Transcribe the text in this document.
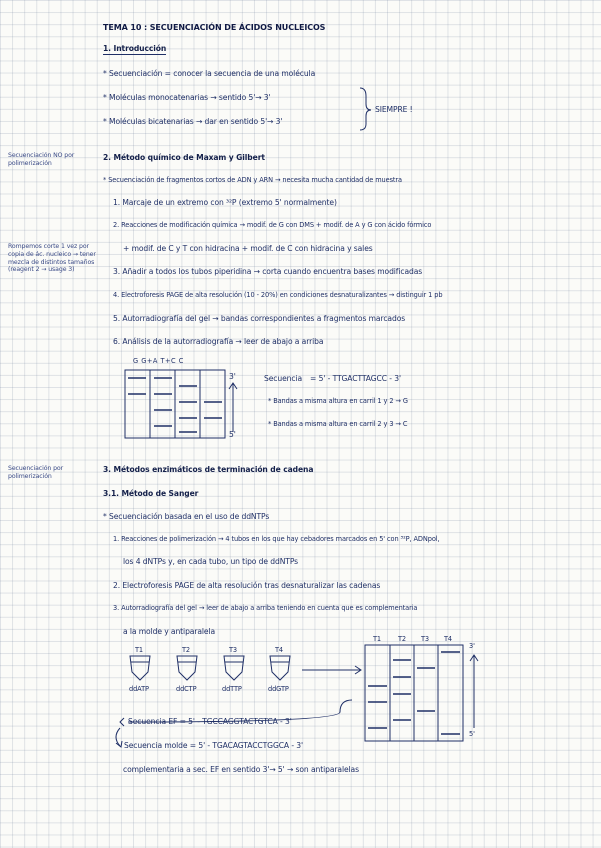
TEMA 10 : SECUENCIACIÓN DE ÁCIDOS NUCLEICOS
1. Introducción
* Secuenciación = conocer la secuencia de una molécula
* Moléculas monocatenarias → sentido 5'→ 3'
* Moléculas bicatenarias → dar en sentido 5'→ 3'
SIEMPRE !
Secuenciación NO por polimerización
Rompemos corte 1 vez por copia de ác. nucleico → tener mezcla de distintos tamaños (reagent 2 → usage 3)
2. Método químico de Maxam y Gilbert
* Secuenciación de fragmentos cortos de ADN y ARN → necesita mucha cantidad de muestra
1. Marcaje de un extremo con ³²P (extremo 5' normalmente)
2. Reacciones de modificación química → modif. de G con DMS + modif. de A y G con ácido fórmico
+ modif. de C y T con hidracina + modif. de C con hidracina y sales
3. Añadir a todos los tubos piperidina → corta cuando encuentra bases modificadas
4. Electroforesis PAGE de alta resolución (10 - 20%) en condiciones desnaturalizantes → distinguir 1 pb
5. Autorradiografía del gel → bandas correspondientes a fragmentos marcados
6. Análisis de la autorradiografía → leer de abajo a arriba
G G+A T+C C
3'
5'
Secuencia = 5' - TTGACTTAGCC - 3'
* Bandas a misma altura en carril 1 y 2 → G
* Bandas a misma altura en carril 2 y 3 → C
Secuenciación por polimerización
3. Métodos enzimáticos de terminación de cadena
3.1. Método de Sanger
* Secuenciación basada en el uso de ddNTPs
1. Reacciones de polimerización → 4 tubos en los que hay cebadores marcados en 5' con ³²P, ADNpol,
los 4 dNTPs y, en cada tubo, un tipo de ddNTPs
2. Electroforesis PAGE de alta resolución tras desnaturalizar las cadenas
3. Autorradiografía del gel → leer de abajo a arriba teniendo en cuenta que es complementaria
a la molde y antiparalela
T1	T2	T3	T4
ddATP	ddCTP	ddTTP	ddGTP
T1	T2 T3 T4
3'
5'
Secuencia EF = 5' - TGCCAGGTACTGTCA - 3'
Secuencia molde = 5' - TGACAGTACCTGGCA - 3'
complementaria a sec. EF en sentido 3'→ 5' → son antiparalelas
